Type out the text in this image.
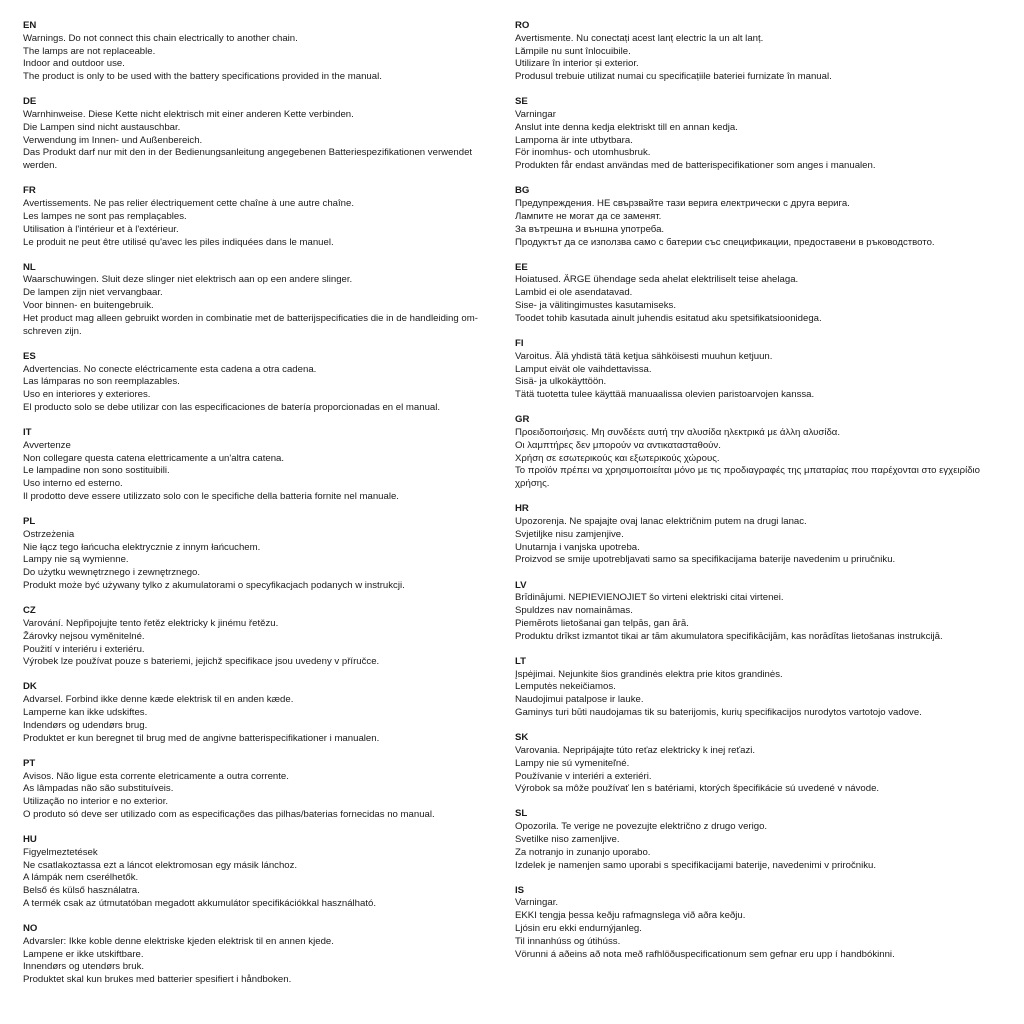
EN
Warnings. Do not connect this chain electrically to another chain.
The lamps are not replaceable.
Indoor and outdoor use.
The product is only to be used with the battery specifications provided in the manual.
DE
Warnhinweise. Diese Kette nicht elektrisch mit einer anderen Kette verbinden.
Die Lampen sind nicht austauschbar.
Verwendung im Innen- und Außenbereich.
Das Produkt darf nur mit den in der Bedienungsanleitung angegebenen Batteriespezifikationen verwendet werden.
FR
Avertissements. Ne pas relier électriquement cette chaîne à une autre chaîne.
Les lampes ne sont pas remplaçables.
Utilisation à l'intérieur et à l'extérieur.
Le produit ne peut être utilisé qu'avec les piles indiquées dans le manuel.
NL
Waarschuwingen. Sluit deze slinger niet elektrisch aan op een andere slinger.
De lampen zijn niet vervangbaar.
Voor binnen- en buitengebruik.
Het product mag alleen gebruikt worden in combinatie met de batterijspecificaties die in de handleiding om-schreven zijn.
ES
Advertencias. No conecte eléctricamente esta cadena a otra cadena.
Las lámparas no son reemplazables.
Uso en interiores y exteriores.
El producto solo se debe utilizar con las especificaciones de batería proporcionadas en el manual.
IT
Avvertenze
Non collegare questa catena elettricamente a un'altra catena.
Le lampadine non sono sostituibili.
Uso interno ed esterno.
Il prodotto deve essere utilizzato solo con le specifiche della batteria fornite nel manuale.
PL
Ostrzeżenia
Nie łącz tego łańcucha elektrycznie z innym łańcuchem.
Lampy nie są wymienne.
Do użytku wewnętrznego i zewnętrznego.
Produkt może być używany tylko z akumulatorami o specyfikacjach podanych w instrukcji.
CZ
Varování. Nepřipojujte tento řetěz elektricky k jinému řetězu.
Žárovky nejsou vyměnitelné.
Použití v interiéru i exteriéru.
Výrobek lze používat pouze s bateriemi, jejichž specifikace jsou uvedeny v příručce.
DK
Advarsel. Forbind ikke denne kæde elektrisk til en anden kæde.
Lamperne kan ikke udskiftes.
Indendørs og udendørs brug.
Produktet er kun beregnet til brug med de angivne batterispecifikationer i manualen.
PT
Avisos. Não ligue esta corrente eletricamente a outra corrente.
As lâmpadas não são substituíveis.
Utilização no interior e no exterior.
O produto só deve ser utilizado com as especificações das pilhas/baterias fornecidas no manual.
HU
Figyelmeztetések
Ne csatlakoztassa ezt a láncot elektromosan egy másik lánchoz.
A lámpák nem cserélhetők.
Belső és külső használatra.
A termék csak az útmutatóban megadott akkumulátor specifikációkkal használható.
NO
Advarsler: Ikke koble denne elektriske kjeden elektrisk til en annen kjede.
Lampene er ikke utskiftbare.
Innendørs og utendørs bruk.
Produktet skal kun brukes med batterier spesifiert i håndboken.
RO
Avertismente. Nu conectați acest lanț electric la un alt lanț.
Lămpile nu sunt înlocuibile.
Utilizare în interior și exterior.
Produsul trebuie utilizat numai cu specificațiile bateriei furnizate în manual.
SE
Varningar
Anslut inte denna kedja elektriskt till en annan kedja.
Lamporna är inte utbytbara.
För inomhus- och utomhusbruk.
Produkten får endast användas med de batterispecifikationer som anges i manualen.
BG
Предупреждения. НЕ свързвайте тази верига електрически с друга верига.
Лампите не могат да се заменят.
За вътрешна и външна употреба.
Продуктът да се използва само с батерии със спецификации, предоставени в ръководството.
EE
Hoiatused. ÄRGE ühendage seda ahelat elektriliselt teise ahelaga.
Lambid ei ole asendatavad.
Sise- ja välitingimustes kasutamiseks.
Toodet tohib kasutada ainult juhendis esitatud aku spetsifikatsioonidega.
FI
Varoitus. Älä yhdistä tätä ketjua sähköisesti muuhun ketjuun.
Lamput eivät ole vaihdettavissa.
Sisä- ja ulkokäyttöön.
Tätä tuotetta tulee käyttää manuaalissa olevien paristoarvojen kanssa.
GR
Προειδοποιήσεις. Μη συνδέετε αυτή την αλυσίδα ηλεκτρικά με άλλη αλυσίδα.
Οι λαμπτήρες δεν μπορούν να αντικατασταθούν.
Χρήση σε εσωτερικούς και εξωτερικούς χώρους.
Το προϊόν πρέπει να χρησιμοποιείται μόνο με τις προδιαγραφές της μπαταρίας που παρέχονται στο εγχειρίδιο χρήσης.
HR
Upozorenja. Ne spajajte ovaj lanac električnim putem na drugi lanac.
Svjetiljke nisu zamjenjive.
Unutarnja i vanjska upotreba.
Proizvod se smije upotrebljavati samo sa specifikacijama baterije navedenim u priručniku.
LV
Brīdinājumi. NEPIEVIENOJIET šo virteni elektriski citai virtenei.
Spuldzes nav nomaināmas.
Piemērots lietošanai gan telpās, gan ārā.
Produktu drīkst izmantot tikai ar tām akumulatora specifikācijām, kas norādītas lietošanas instrukcijā.
LT
Įspėjimai. Nejunkite šios grandinės elektra prie kitos grandinės.
Lemputės nekeičiamos.
Naudojimui patalpose ir lauke.
Gaminys turi būti naudojamas tik su baterijomis, kurių specifikacijos nurodytos vartotojo vadove.
SK
Varovania. Nepripájajte túto reťaz elektricky k inej reťazi.
Lampy nie sú vymeniteľné.
Používanie v interiéri a exteriéri.
Výrobok sa môže používať len s batériami, ktorých špecifikácie sú uvedené v návode.
SL
Opozorila. Te verige ne povezujte električno z drugo verigo.
Svetilke niso zamenljive.
Za notranjo in zunanjo uporabo.
Izdelek je namenjen samo uporabi s specifikacijami baterije, navedenimi v priročniku.
IS
Varningar.
EKKI tengja þessa keðju rafmagnslega við aðra keðju.
Ljósin eru ekki endurnýjanleg.
Til innanhúss og útihúss.
Vörunni á aðeins að nota með rafhlöðuspecificationum sem gefnar eru upp í handbókinni.
